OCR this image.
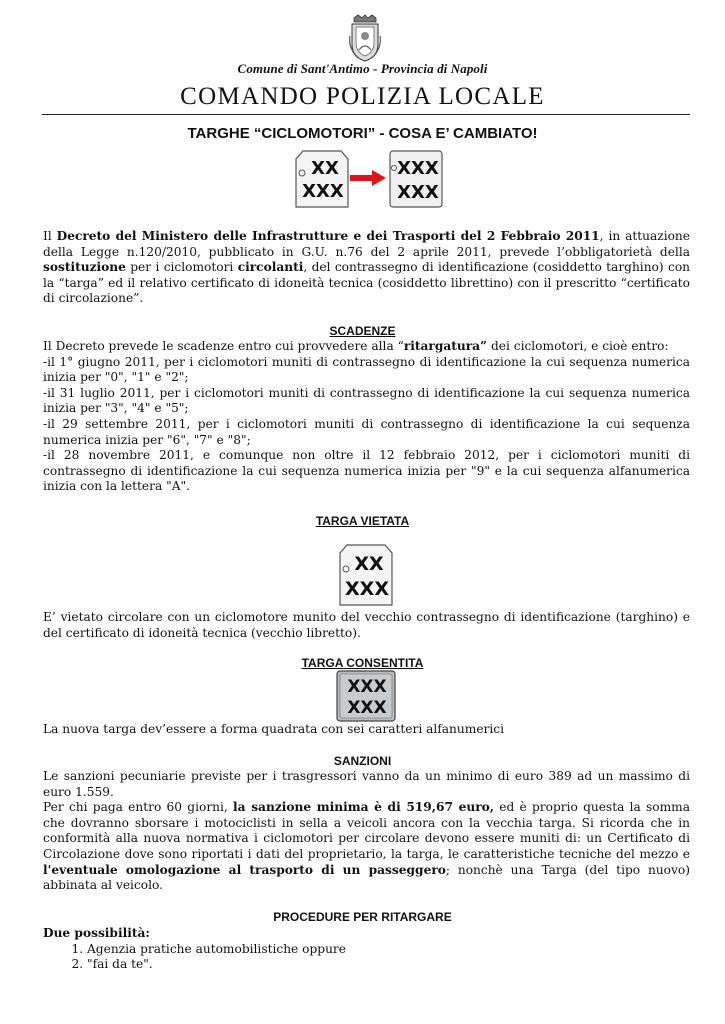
Comune di Sant'Antimo - Provincia di Napoli
COMANDO POLIZIA LOCALE
TARGHE “CICLOMOTORI” - COSA E’ CAMBIATO!
XX
XXX
XXX
XXX

Il Decreto del Ministero delle Infrastrutture e dei Trasporti del 2 Febbraio 2011, in attuazione della Legge n.120/2010, pubblicato in G.U. n.76 del 2 aprile 2011, prevede l’obbligatorietà della sostituzione per i ciclomotori circolanti, del contrassegno di identificazione (cosiddetto targhino) con la “targa” ed il relativo certificato di idoneità tecnica (cosiddetto librettino) con il prescritto “certificato di circolazione”.

SCADENZE

Il Decreto prevede le scadenze entro cui provvedere alla “ritargatura” dei ciclomotori, e cioè entro:

-il 1° giugno 2011, per i ciclomotori muniti di contrassegno di identificazione la cui sequenza numerica inizia per "0", "1" e "2";

-il 31 luglio 2011, per i ciclomotori muniti di contrassegno di identificazione la cui sequenza numerica inizia per "3", "4" e "5";

-il 29 settembre 2011, per i ciclomotori muniti di contrassegno di identificazione la cui sequenza numerica inizia per "6", "7" e "8";

-il 28 novembre 2011, e comunque non oltre il 12 febbraio 2012, per i ciclomotori muniti di contrassegno di identificazione la cui sequenza numerica inizia per "9" e la cui sequenza alfanumerica inizia con la lettera "A".

TARGA VIETATA
XX
XXX

E’ vietato circolare con un ciclomotore munito del vecchio contrassegno di identificazione (targhino) e del certificato di idoneità tecnica (vecchio libretto).

TARGA CONSENTITA
XXX
XXX

La nuova targa dev’essere a forma quadrata con sei caratteri alfanumerici

SANZIONI

Le sanzioni pecuniarie previste per i trasgressori vanno da un minimo di euro 389 ad un massimo di euro 1.559.

Per chi paga entro 60 giorni, la sanzione minima è di 519,67 euro, ed è proprio questa la somma che dovranno sborsare i motociclisti in sella a veicoli ancora con la vecchia targa. Si ricorda che in conformità alla nuova normativa i ciclomotori per circolare devono essere muniti di: un Certificato di Circolazione dove sono riportati i dati del proprietario, la targa, le caratteristiche tecniche del mezzo e l'eventuale omologazione al trasporto di un passeggero; nonchè una Targa (del tipo nuovo) abbinata al veicolo.

PROCEDURE PER RITARGARE

Due possibilità:

1. Agenzia pratiche automobilistiche oppure
2. "fai da te".
